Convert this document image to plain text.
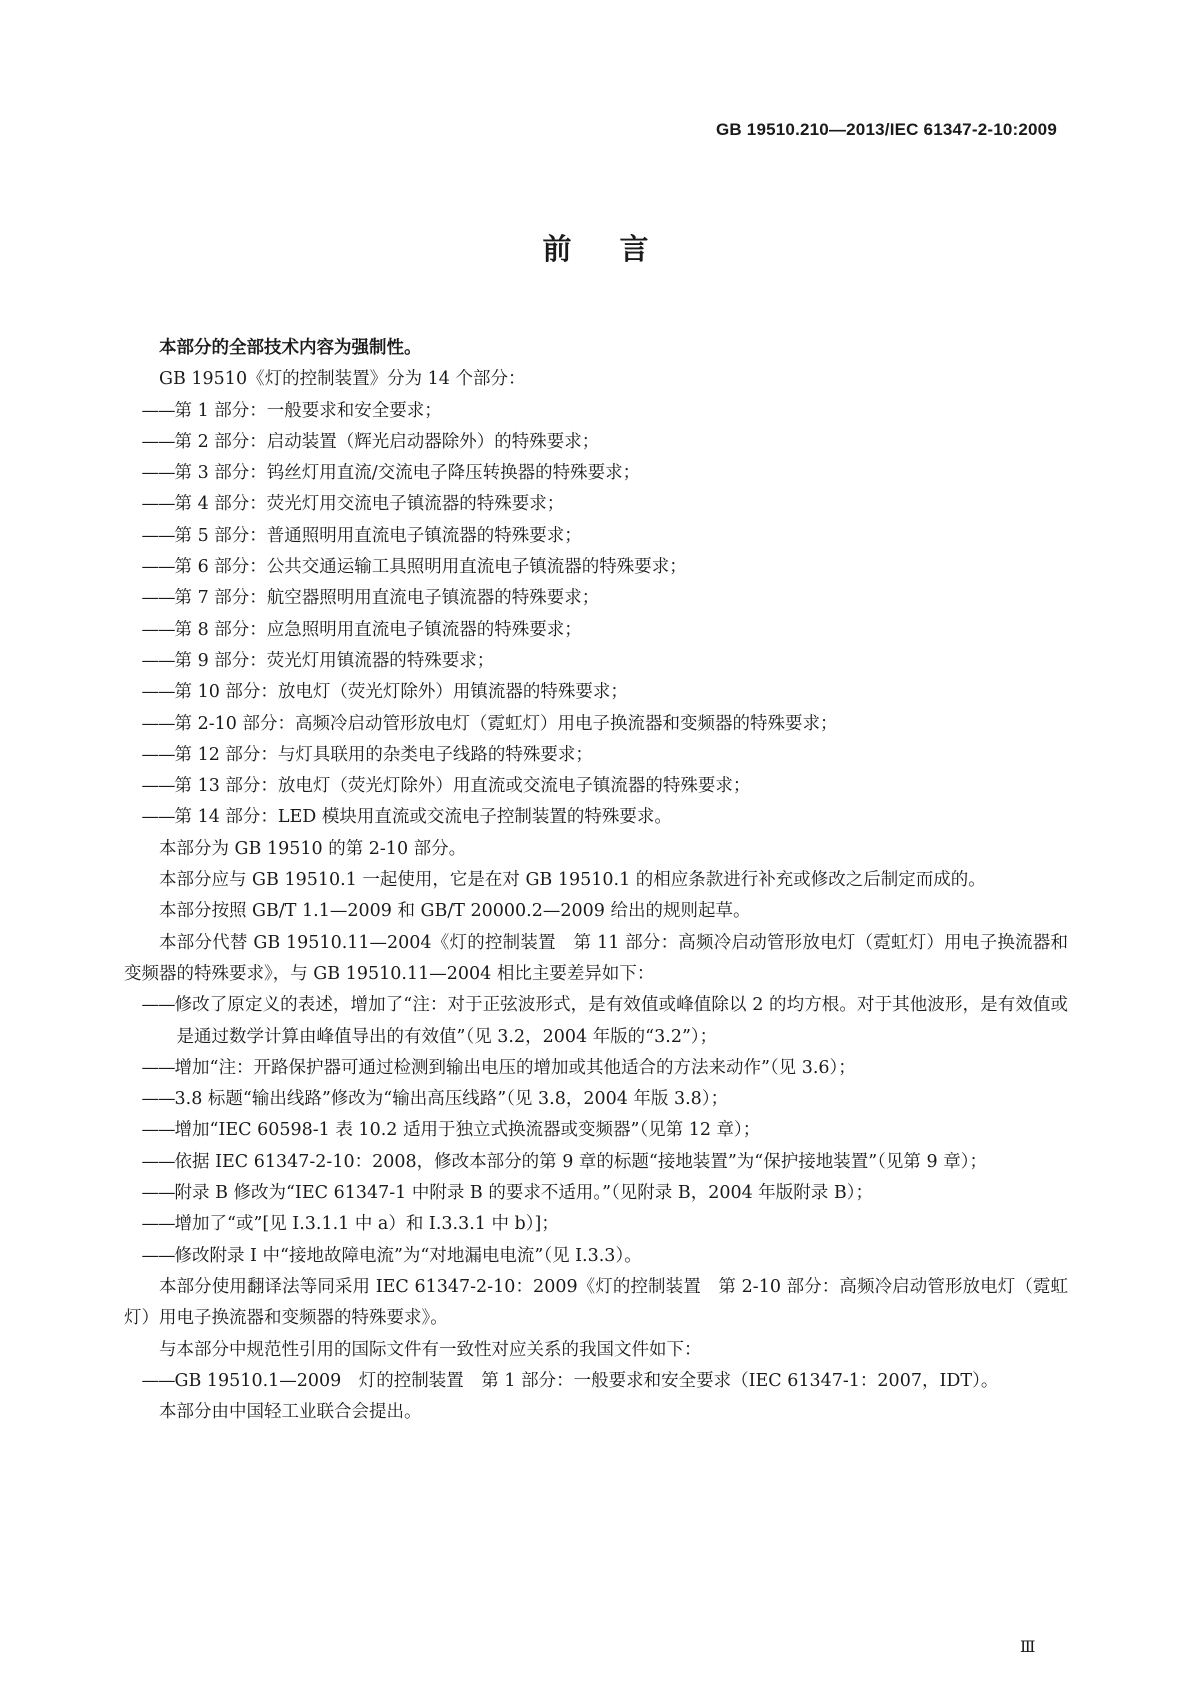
GB 19510.210—2013/IEC 61347-2-10:2009
前言

本部分的全部技术内容为强制性。

GB 19510《灯的控制装置》分为 14 个部分：

—— 第 1 部分：一般要求和安全要求；

—— 第 2 部分：启动装置（辉光启动器除外）的特殊要求；

—— 第 3 部分：钨丝灯用直流/交流电子降压转换器的特殊要求；

—— 第 4 部分：荧光灯用交流电子镇流器的特殊要求；

—— 第 5 部分：普通照明用直流电子镇流器的特殊要求；

—— 第 6 部分：公共交通运输工具照明用直流电子镇流器的特殊要求；

—— 第 7 部分：航空器照明用直流电子镇流器的特殊要求；

—— 第 8 部分：应急照明用直流电子镇流器的特殊要求；

—— 第 9 部分：荧光灯用镇流器的特殊要求；

—— 第 10 部分：放电灯（荧光灯除外）用镇流器的特殊要求；

—— 第 2-10 部分：高频冷启动管形放电灯（霓虹灯）用电子换流器和变频器的特殊要求；

—— 第 12 部分：与灯具联用的杂类电子线路的特殊要求；

—— 第 13 部分：放电灯（荧光灯除外）用直流或交流电子镇流器的特殊要求；

—— 第 14 部分：LED 模块用直流或交流电子控制装置的特殊要求。

本部分为 GB 19510 的第 2-10 部分。

本部分应与 GB 19510.1 一起使用，它是在对 GB 19510.1 的相应条款进行补充或修改之后制定而成的。

本部分按照 GB/T 1.1—2009 和 GB/T 20000.2—2009 给出的规则起草。

本部分代替 GB 19510.11—2004《灯的控制装置　第 11 部分：高频冷启动管形放电灯（霓虹灯）用电子换流器和变频器的特殊要求》，与 GB 19510.11—2004 相比主要差异如下：

—— 修改了原定义的表述，增加了“注：对于正弦波形式，是有效值或峰值除以 2 的均方根。对于其他波形，是有效值或是通过数学计算由峰值导出的有效值”（见 3.2，2004 年版的“3.2”）；

—— 增加“注：开路保护器可通过检测到输出电压的增加或其他适合的方法来动作”（见 3.6）；

—— 3.8 标题“输出线路”修改为“输出高压线路”（见 3.8，2004 年版 3.8）；

—— 增加“IEC 60598-1 表 10.2 适用于独立式换流器或变频器”（见第 12 章）；

—— 依据 IEC 61347-2-10：2008，修改本部分的第 9 章的标题“接地装置”为“保护接地装置”（见第 9 章）；

—— 附录 B 修改为“IEC 61347-1 中附录 B 的要求不适用。”（见附录 B，2004 年版附录 B）；

—— 增加了“或”[见 I.3.1.1 中 a）和 I.3.3.1 中 b）]；

—— 修改附录 I 中“接地故障电流”为“对地漏电电流”（见 I.3.3）。

本部分使用翻译法等同采用 IEC 61347-2-10：2009《灯的控制装置　第 2-10 部分：高频冷启动管形放电灯（霓虹灯）用电子换流器和变频器的特殊要求》。

与本部分中规范性引用的国际文件有一致性对应关系的我国文件如下：

—— GB 19510.1—2009　灯的控制装置　第 1 部分：一般要求和安全要求（IEC 61347-1：2007，IDT）。

本部分由中国轻工业联合会提出。

Ⅲ
